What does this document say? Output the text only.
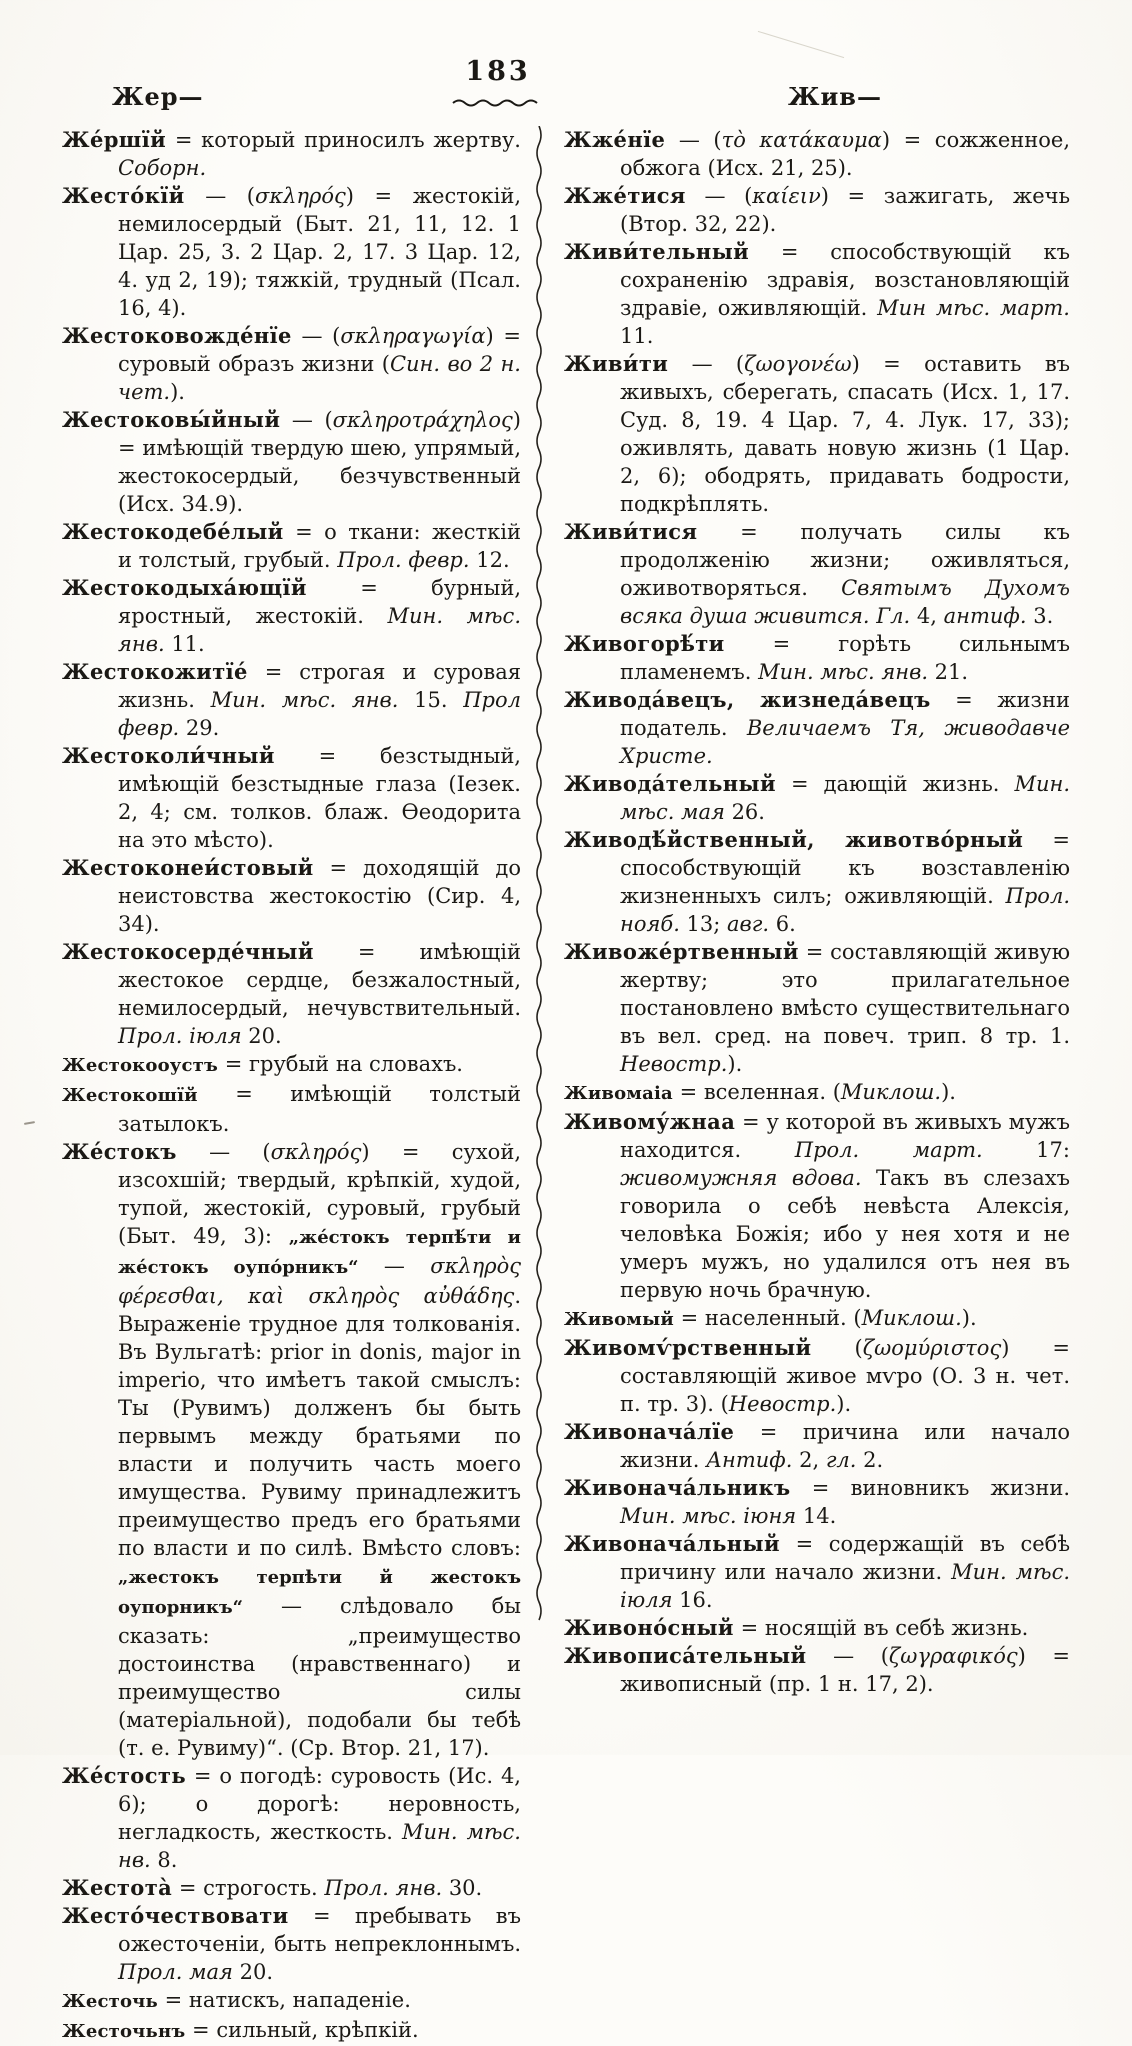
183
Жер—	Жив—

Же́ршїй = который приносилъ жертву. Соборн.

Жесто́кїй — (σκληρός) = жестокій, немилосердый (Быт. 21, 11, 12. 1 Цар. 25, 3. 2 Цар. 2, 17. 3 Цар. 12, 4. уд 2, 19); тяжкій, трудный (Псал. 16, 4).

Жестоковожде́нїе — (σκληραγωγία) = суровый образъ жизни (Син. во 2 н. чет.).

Жестоковы́йный — (σκληροτράχηλος) = имѣющій твердую шею, упрямый, жестокосердый, безчувственный (Исх. 34.9).

Жестокодебе́лый = о ткани: жесткій и толстый, грубый. Прол. февр. 12.

Жестокодыха́ющїй = бурный, яростный, жестокій. Мин. мѣс. янв. 11.

Жестокожитїе́ = строгая и суровая жизнь. Мин. мѣс. янв. 15. Прол февр. 29.

Жестоколи́чный = безстыдный, имѣющій безстыдные глаза (Іезек. 2, 4; см. толков. блаж. Ѳеодорита на это мѣсто).

Жестоконеи́стовый = доходящій до неистовства жестокостію (Сир. 4, 34).

Жестокосерде́чный = имѣющій жестокое сердце, безжалостный, немилосердый, нечувствительный. Прол. іюля 20.

Жестокооустъ = грубый на словахъ.

Жестокошїй = имѣющій толстый затылокъ.

Же́стокъ — (σκληρός) = сухой, изсохшій; твердый, крѣпкій, худой, тупой, жестокій, суровый, грубый (Быт. 49, 3): „же́стокъ терпѣ́ти и же́стокъ оупо́рникъ“ — σκληρὸς φέρεσθαι, καὶ σκληρὸς αὐθάδης. Выраженіе трудное для толкованія. Въ Вульгатѣ: prior in donis, major in imperio, что имѣетъ такой смыслъ: Ты (Рувимъ) долженъ бы быть первымъ между братьями по власти и получить часть моего имущества. Рувиму принадлежитъ преимущество предъ его братьями по власти и по силѣ. Вмѣсто словъ: „жестокъ терпѣти й жестокъ оупорникъ“ — слѣдовало бы сказать: „преимущество достоинства (нравственнаго) и преимущество силы (матеріальной), подобали бы тебѣ (т. е. Рувиму)“. (Ср. Втор. 21, 17).

Же́стость = о погодѣ: суровость (Ис. 4, 6); о дорогѣ: неровность, негладкость, жесткость. Мин. мѣс. нв. 8.

Жестота̀ = строгость. Прол. янв. 30.

Жесто́чествовати = пребывать въ ожесточеніи, быть непреклоннымъ. Прол. мая 20.

Жесточь = натискъ, нападеніе.

Жесточьнъ = сильный, крѣпкій.

Жже́нїе — (τὸ κατάκαυμα) = сожженное, обжога (Исх. 21, 25).

Жже́тися — (καίειν) = зажигать, жечь (Втор. 32, 22).

Живи́тельный = способствующій къ сохраненію здравія, возстановляющій здравіе, оживляющій. Мин мѣс. март. 11.

Живи́ти — (ζωογονέω) = оставить въ живыхъ, сберегать, спасать (Исх. 1, 17. Суд. 8, 19. 4 Цар. 7, 4. Лук. 17, 33); оживлять, давать новую жизнь (1 Цар. 2, 6); ободрять, придавать бодрости, подкрѣплять.

Живи́тися = получать силы къ продолженію жизни; оживляться, оживотворяться. Святымъ Духомъ всяка душа живится. Гл. 4, антиф. 3.

Живогорѣ́ти = горѣть сильнымъ пламенемъ. Мин. мѣс. янв. 21.

Живода́вецъ, жизнеда́вецъ = жизни податель. Величаемъ Тя, живодавче Христе.

Живода́тельный = дающій жизнь. Мин. мѣс. мая 26.

Живодѣ́йственный, животво́рный = способствующій къ возставленію жизненныхъ силъ; оживляющій. Прол. нояб. 13; авг. 6.

Живоже́ртвенный = составляющій живую жертву; это прилагательное постановлено вмѣсто существительнаго въ вел. сред. на повеч. трип. 8 тр. 1. Невостр.).

Живомаіа = вселенная. (Миклош.).

Живому́жнаа = у которой въ живыхъ мужъ находится. Прол. март. 17: живомужняя вдова. Такъ въ слезахъ говорила о себѣ невѣста Алексія, человѣка Божія; ибо у нея хотя и не умеръ мужъ, но удалился отъ нея въ первую ночь брачную.

Живомый = населенный. (Миклош.).

Живомѵ́рственный (ζωομύριστος) = составляющій живое мѵро (О. 3 н. чет. п. тр. 3). (Невостр.).

Живонача́лїе = причина или начало жизни. Антиф. 2, гл. 2.

Живонача́льникъ = виновникъ жизни. Мин. мѣс. іюня 14.

Живонача́льный = содержащій въ себѣ причину или начало жизни. Мин. мѣс. іюля 16.

Живоно́сный = носящій въ себѣ жизнь.

Живописа́тельный — (ζωγραφικός) = живописный (пр. 1 н. 17, 2).
